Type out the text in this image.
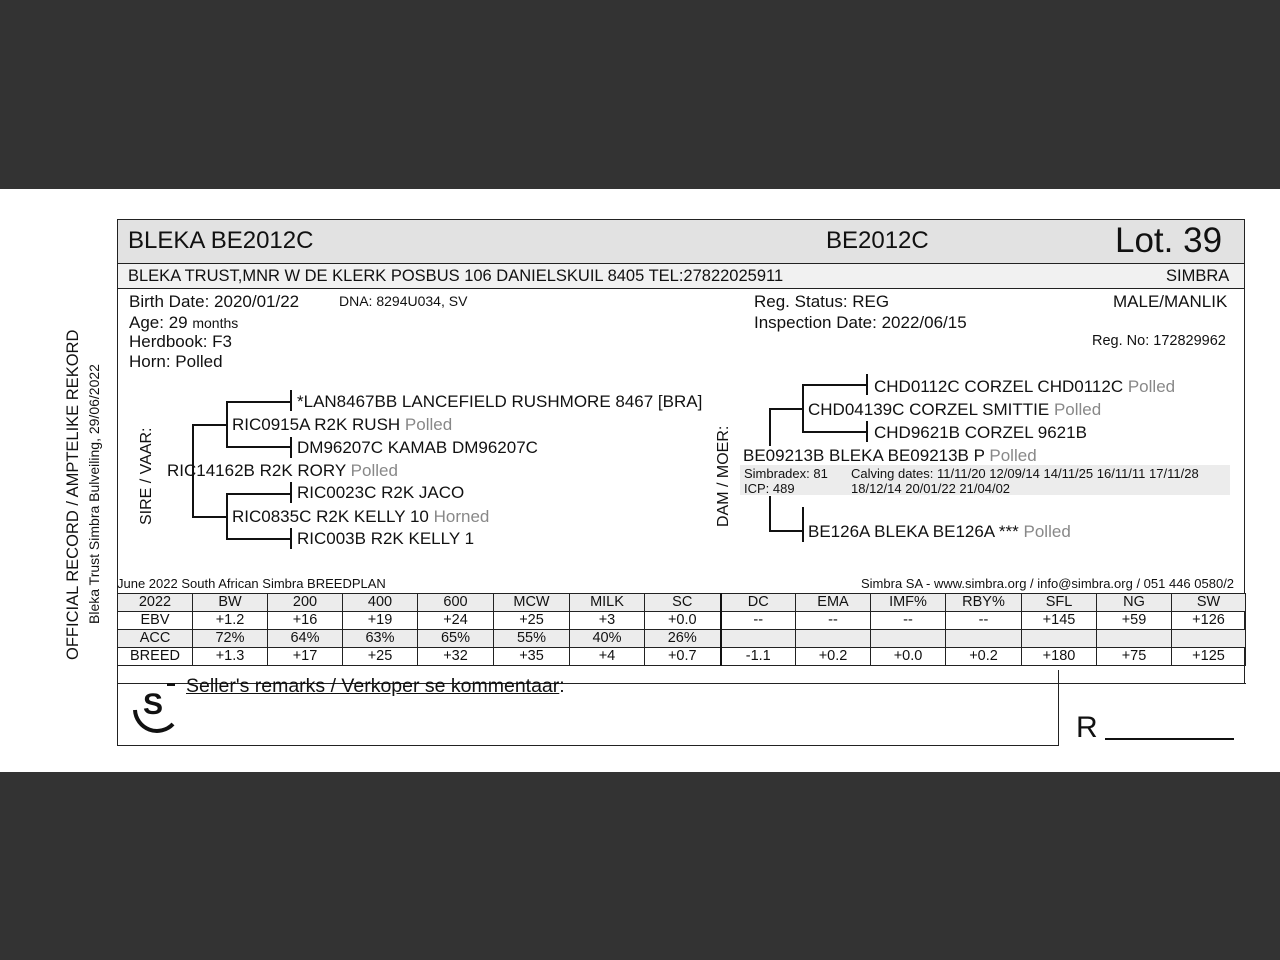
OFFICIAL RECORD / AMPTELIKE REKORD Bleka Trust Simbra Bulveiling, 29/06/2022
BLEKA BE2012C	BE2012C	Lot. 39
BLEKA TRUST,MNR W DE KLERK POSBUS 106 DANIELSKUIL 8405 TEL:27822025911	SIMBRA
Birth Date: 2020/01/22	DNA: 8294U034, SV
Age: 29 months
Herdbook: F3
Horn: Polled
Reg. Status: REG
Inspection Date: 2022/06/15
MALE/MANLIK
Reg. No: 172829962
SIRE / VAAR:	DAM / MOER:
*LAN8467BB LANCEFIELD RUSHMORE 8467 [BRA]
RIC0915A R2K RUSH Polled
DM96207C KAMAB DM96207C
RIC14162B R2K RORY Polled
RIC0023C R2K JACO
RIC0835C R2K KELLY 10 Horned
RIC003B R2K KELLY 1
CHD0112C CORZEL CHD0112C Polled
CHD04139C CORZEL SMITTIE Polled
CHD9621B CORZEL 9621B
BE09213B BLEKA BE09213B P Polled
Simbradex: 81
ICP: 489
Calving dates: 11/11/20 12/09/14 14/11/25 16/11/11 17/11/28
18/12/14 20/01/22 21/04/02
BE126A BLEKA BE126A *** Polled
June 2022 South African Simbra BREEDPLAN	Simbra SA - www.simbra.org / info@simbra.org / 051 446 0580/2
2022	BW	200	400	600	MCW	MILK	SC	DC	EMA	IMF%	RBY%	SFL	NG	SW
EBV	+1.2	+16	+19	+24	+25	+3	+0.0	--	--	--	--	+145	+59	+126
ACC	72%	64%	63%	65%	55%	40%	26%							
BREED	+1.3	+17	+25	+32	+35	+4	+0.7	-1.1	+0.2	+0.0	+0.2	+180	+75	+125
S
Seller's remarks / Verkoper se kommentaar:
R
